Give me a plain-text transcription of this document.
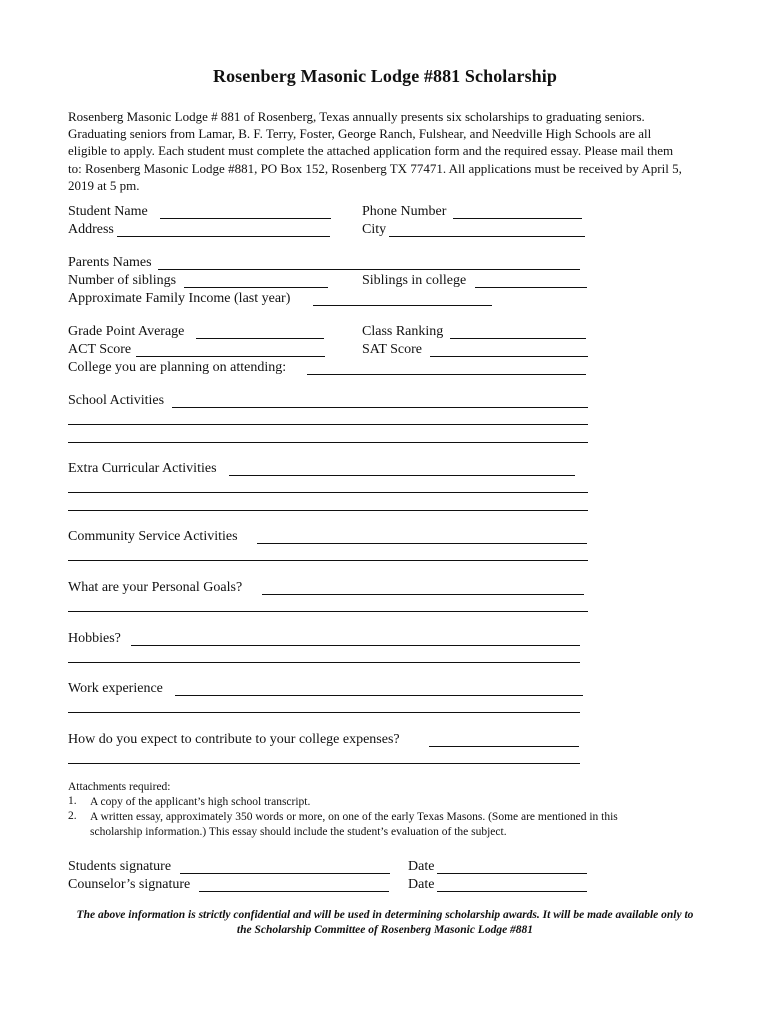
Rosenberg Masonic Lodge #881 Scholarship
Rosenberg Masonic Lodge # 881 of Rosenberg, Texas annually presents six scholarships to graduating seniors.
Graduating seniors from Lamar, B. F. Terry, Foster, George Ranch, Fulshear, and Needville High Schools are all
eligible to apply. Each student must complete the attached application form and the required essay. Please mail them
to: Rosenberg Masonic Lodge #881, PO Box 152, Rosenberg TX 77471. All applications must be received by April 5,
2019 at 5 pm.
Student Name	Phone Number
Address	City
Parents Names
Number of siblings	Siblings in college
Approximate Family Income (last year)
Grade Point Average	Class Ranking
ACT Score	SAT Score
College you are planning on attending:
School Activities
Extra Curricular Activities
Community Service Activities
What are your Personal Goals?
Hobbies?
Work experience
How do you expect to contribute to your college expenses?
Attachments required:
1. A copy of the applicant’s high school transcript.
2. A written essay, approximately 350 words or more, on one of the early Texas Masons. (Some are mentioned in this
scholarship information.) This essay should include the student’s evaluation of the subject.
Students signature	Date
Counselor’s signature	Date
The above information is strictly confidential and will be used in determining scholarship awards. It will be made available only to
the Scholarship Committee of Rosenberg Masonic Lodge #881
